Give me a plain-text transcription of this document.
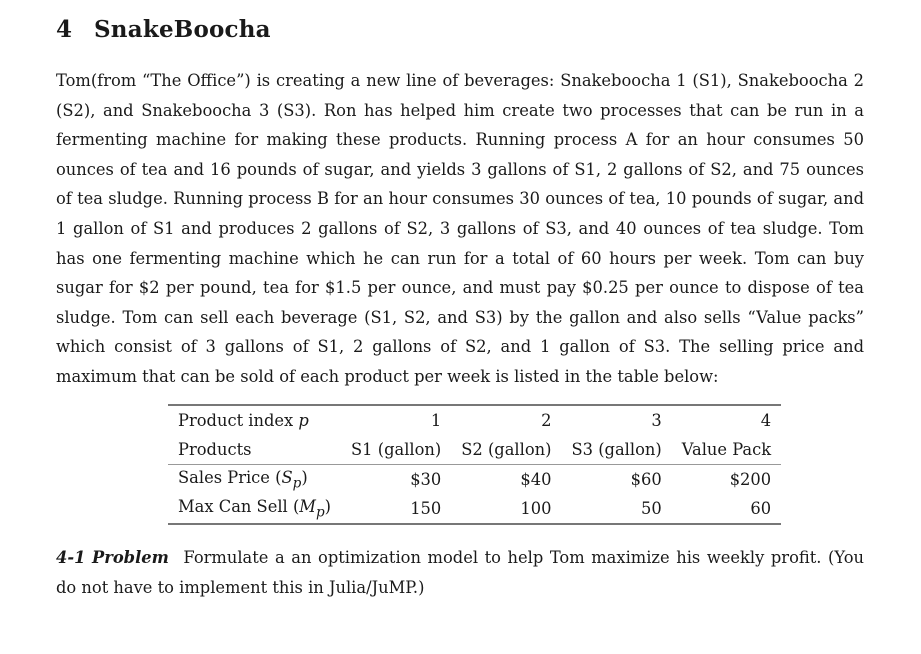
4 SnakeBoocha

Tom(from “The Office”) is creating a new line of beverages: Snakeboocha 1 (S1), Snakeboocha 2 (S2), and Snakeboocha 3 (S3). Ron has helped him create two processes that can be run in a fermenting machine for making these products. Running process A for an hour consumes 50 ounces of tea and 16 pounds of sugar, and yields 3 gallons of S1, 2 gallons of S2, and 75 ounces of tea sludge. Running process B for an hour consumes 30 ounces of tea, 10 pounds of sugar, and 1 gallon of S1 and produces 2 gallons of S2, 3 gallons of S3, and 40 ounces of tea sludge. Tom has one fermenting machine which he can run for a total of 60 hours per week. Tom can buy sugar for $2 per pound, tea for $1.5 per ounce, and must pay $0.25 per ounce to dispose of tea sludge. Tom can sell each beverage (S1, S2, and S3) by the gallon and also sells “Value packs” which consist of 3 gallons of S1, 2 gallons of S2, and 1 gallon of S3. The selling price and maximum that can be sold of each product per week is listed in the table below:

Product index p	1	2	3	4
Products	S1 (gallon)	S2 (gallon)	S3 (gallon)	Value Pack
Sales Price $(S_p)$	$30	$40	$60	$200
Max Can Sell $(M_p)$	150	100	50	60

4-1 Problem Formulate a an optimization model to help Tom maximize his weekly profit. (You do not have to implement this in Julia/JuMP.)
